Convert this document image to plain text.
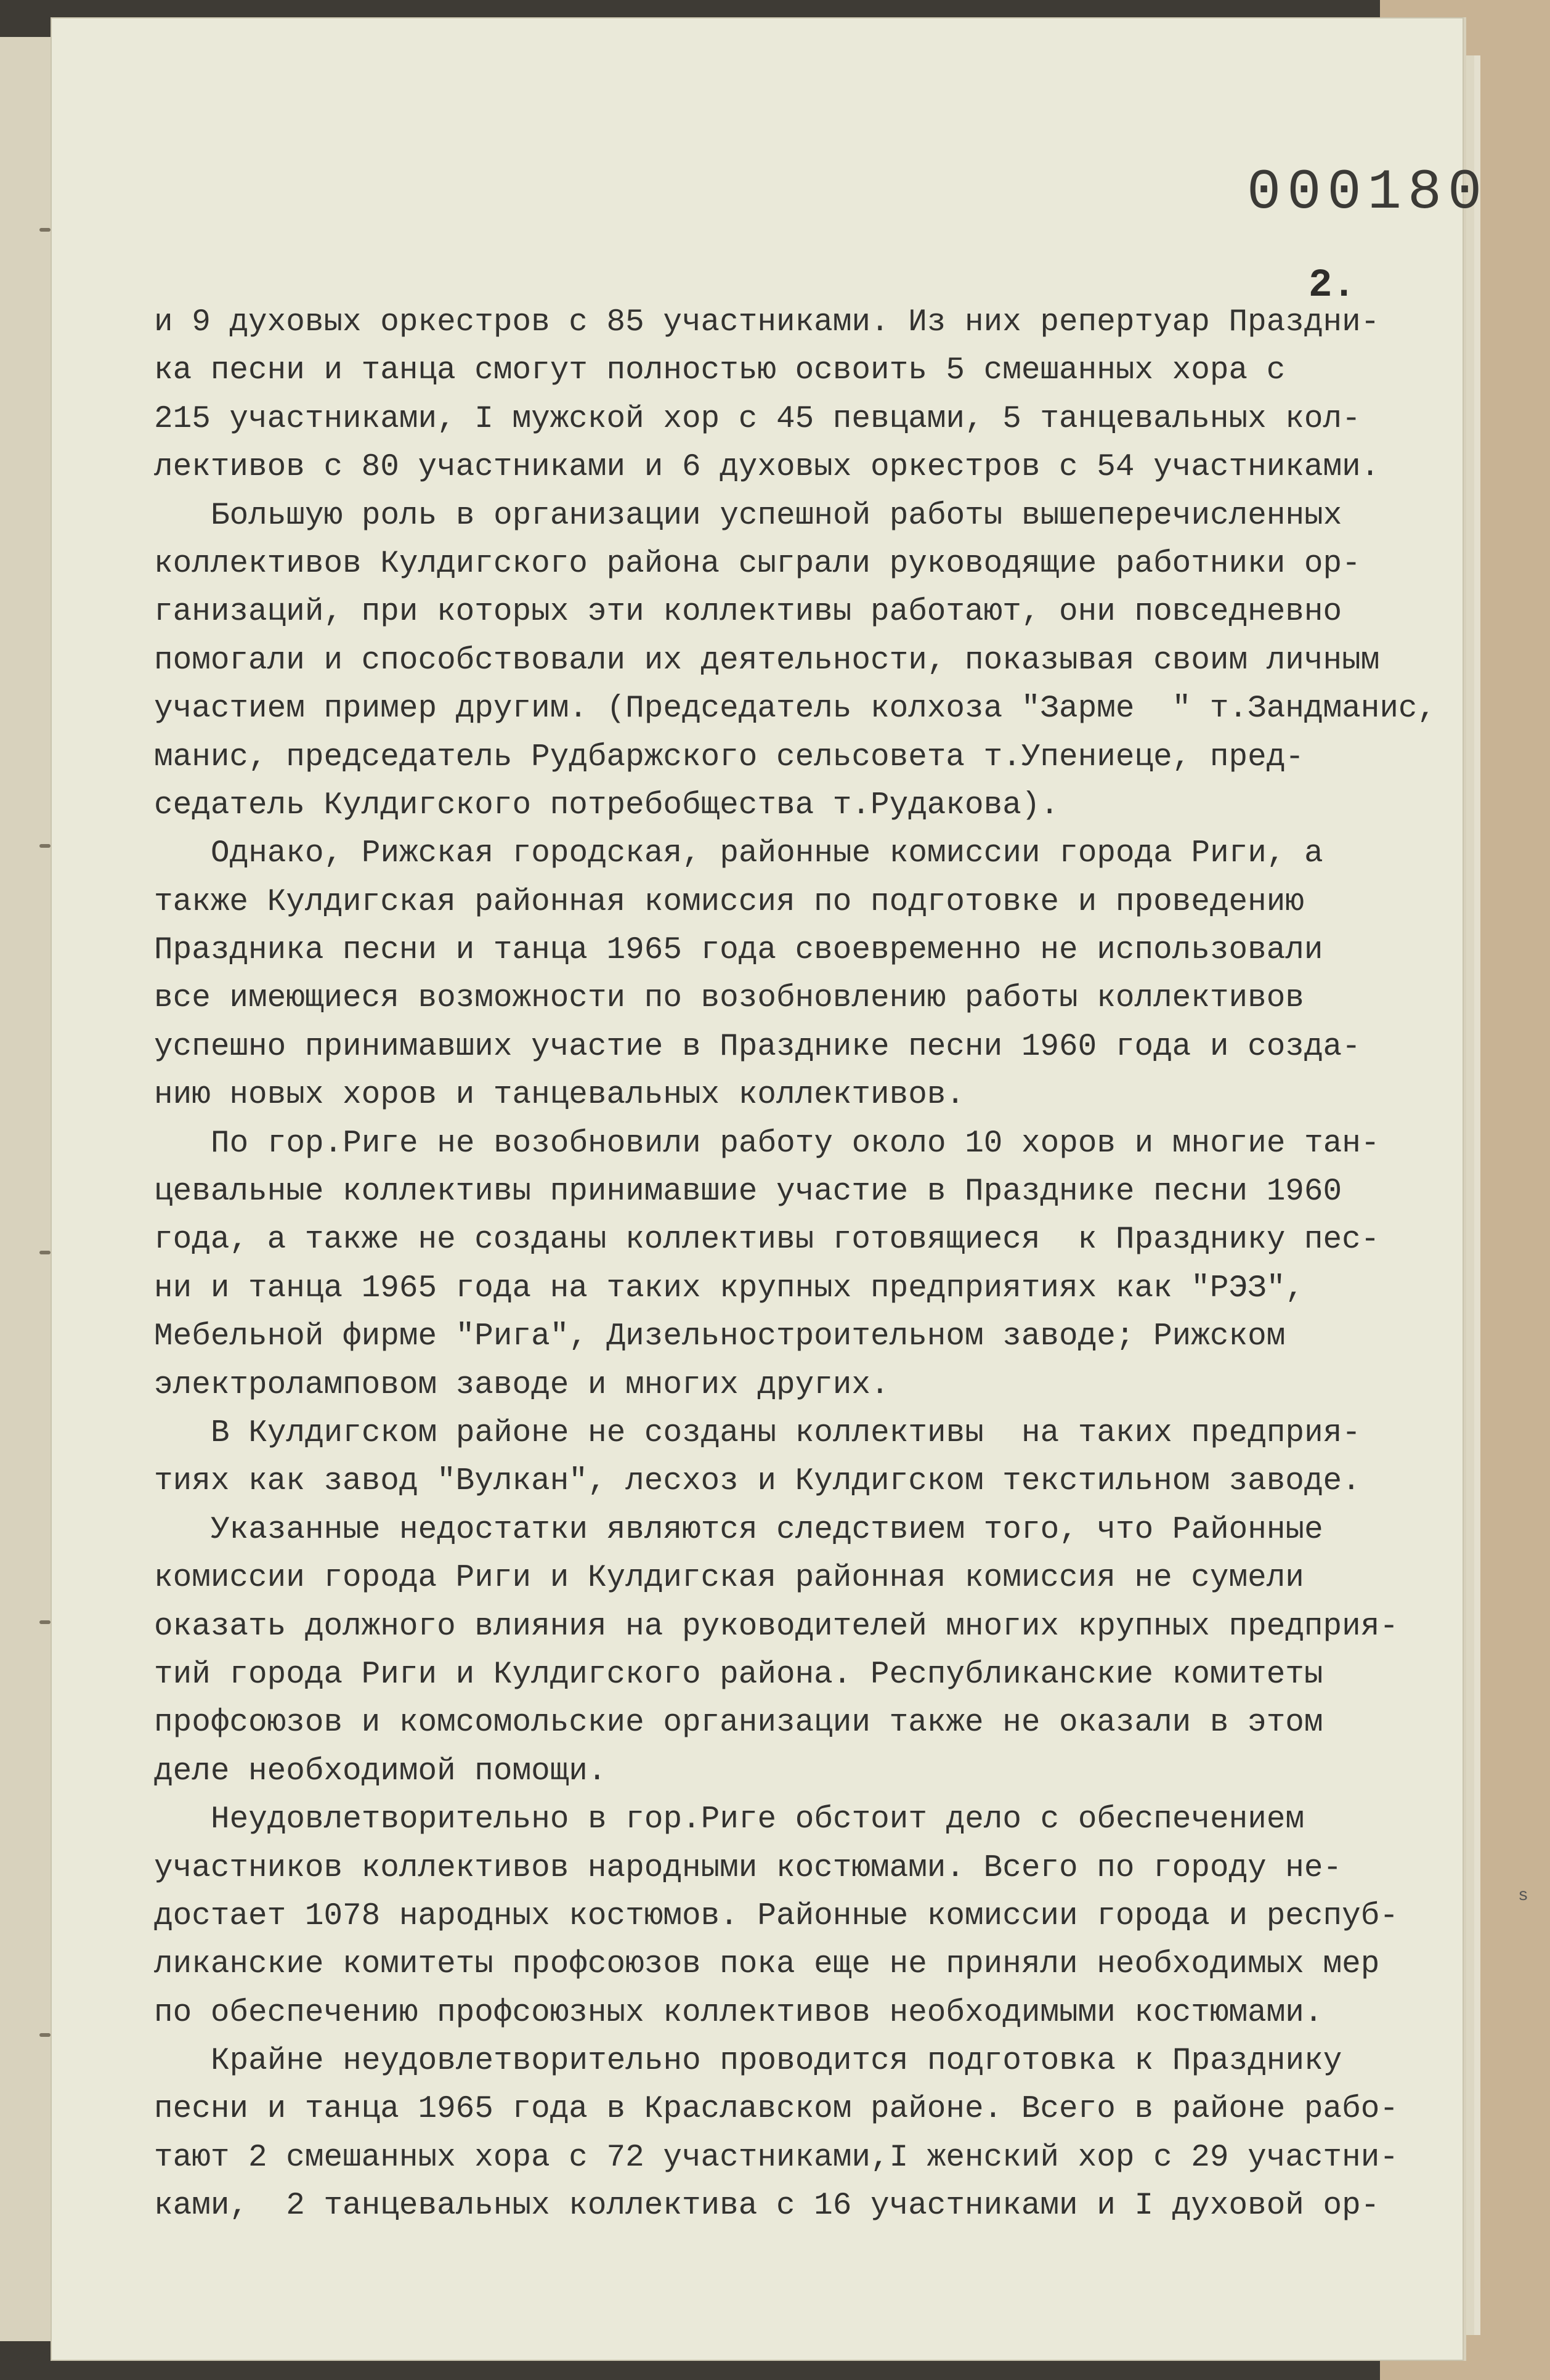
000180
2.
s
и 9 духовых оркестров с 85 участниками. Из них репертуар Праздни-
ка песни и танца смогут полностью освоить 5 смешанных хора с
215 участниками, I мужской хор с 45 певцами, 5 танцевальных кол-
лективов с 80 участниками и 6 духовых оркестров с 54 участниками.
Большую роль в организации успешной работы вышеперечисленных
коллективов Кулдигского района сыграли руководящие работники ор-
ганизаций, при которых эти коллективы работают, они повседневно
помогали и способствовали их деятельности, показывая своим личным
участием пример другим. (Председатель колхоза "Зарме  " т.Зандманис,
манис, председатель Рудбаржского сельсовета т.Упениеце, пред-
седатель Кулдигского потребобщества т.Рудакова).
Однако, Рижская городская, районные комиссии города Риги, а
также Кулдигская районная комиссия по подготовке и проведению
Праздника песни и танца 1965 года своевременно не использовали
все имеющиеся возможности по возобновлению работы коллективов
успешно принимавших участие в Празднике песни 1960 года и созда-
нию новых хоров и танцевальных коллективов.
По гор.Риге не возобновили работу около 10 хоров и многие тан-
цевальные коллективы принимавшие участие в Празднике песни 1960
года, а также не созданы коллективы готовящиеся  к Празднику пес-
ни и танца 1965 года на таких крупных предприятиях как "РЭЗ",
Мебельной фирме "Рига", Дизельностроительном заводе; Рижском
электроламповом заводе и многих других.
В Кулдигском районе не созданы коллективы  на таких предприя-
тиях как завод "Вулкан", лесхоз и Кулдигском текстильном заводе.
Указанные недостатки являются следствием того, что Районные
комиссии города Риги и Кулдигская районная комиссия не сумели
оказать должного влияния на руководителей многих крупных предприя-
тий города Риги и Кулдигского района. Республиканские комитеты
профсоюзов и комсомольские организации также не оказали в этом
деле необходимой помощи.
Неудовлетворительно в гор.Риге обстоит дело с обеспечением
участников коллективов народными костюмами. Всего по городу не-
достает 1078 народных костюмов. Районные комиссии города и респуб-
ликанские комитеты профсоюзов пока еще не приняли необходимых мер
по обеспечению профсоюзных коллективов необходимыми костюмами.
Крайне неудовлетворительно проводится подготовка к Празднику
песни и танца 1965 года в Краславском районе. Всего в районе рабо-
тают 2 смешанных хора с 72 участниками,I женский хор с 29 участни-
ками,  2 танцевальных коллектива с 16 участниками и I духовой ор-
